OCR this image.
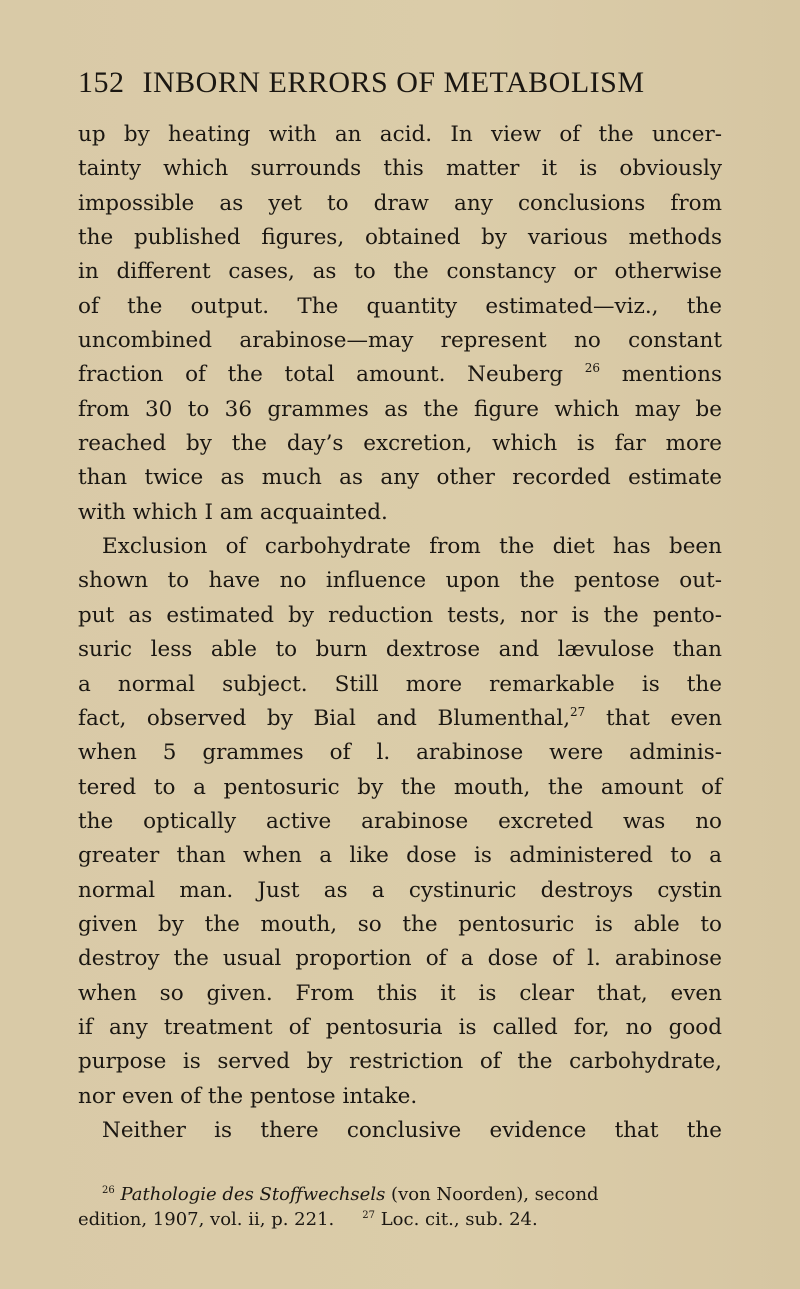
152 INBORN ERRORS OF METABOLISM
up by heating with an acid. In view of the uncer-
tainty which surrounds this matter it is obviously
impossible as yet to draw any conclusions from
the published figures, obtained by various methods
in different cases, as to the constancy or otherwise
of the output. The quantity estimated—viz., the
uncombined arabinose—may represent no constant
fraction of the total amount. Neuberg $^{26}$ mentions
from 30 to 36 grammes as the figure which may be
reached by the day’s excretion, which is far more
than twice as much as any other recorded estimate
with which I am acquainted.
Exclusion of carbohydrate from the diet has been
shown to have no influence upon the pentose out-
put as estimated by reduction tests, nor is the pento-
suric less able to burn dextrose and lævulose than
a normal subject. Still more remarkable is the
fact, observed by Bial and Blumenthal,$^{27}$ that even
when 5 grammes of l. arabinose were adminis-
tered to a pentosuric by the mouth, the amount of
the optically active arabinose excreted was no
greater than when a like dose is administered to a
normal man. Just as a cystinuric destroys cystin
given by the mouth, so the pentosuric is able to
destroy the usual proportion of a dose of l. arabinose
when so given. From this it is clear that, even
if any treatment of pentosuria is called for, no good
purpose is served by restriction of the carbohydrate,
nor even of the pentose intake.
Neither is there conclusive evidence that the
$^{26}$ Pathologie des Stoffwechsels (von Noorden), second
edition, 1907, vol. ii, p. 221.	$^{27}$ Loc. cit., sub. 24.
